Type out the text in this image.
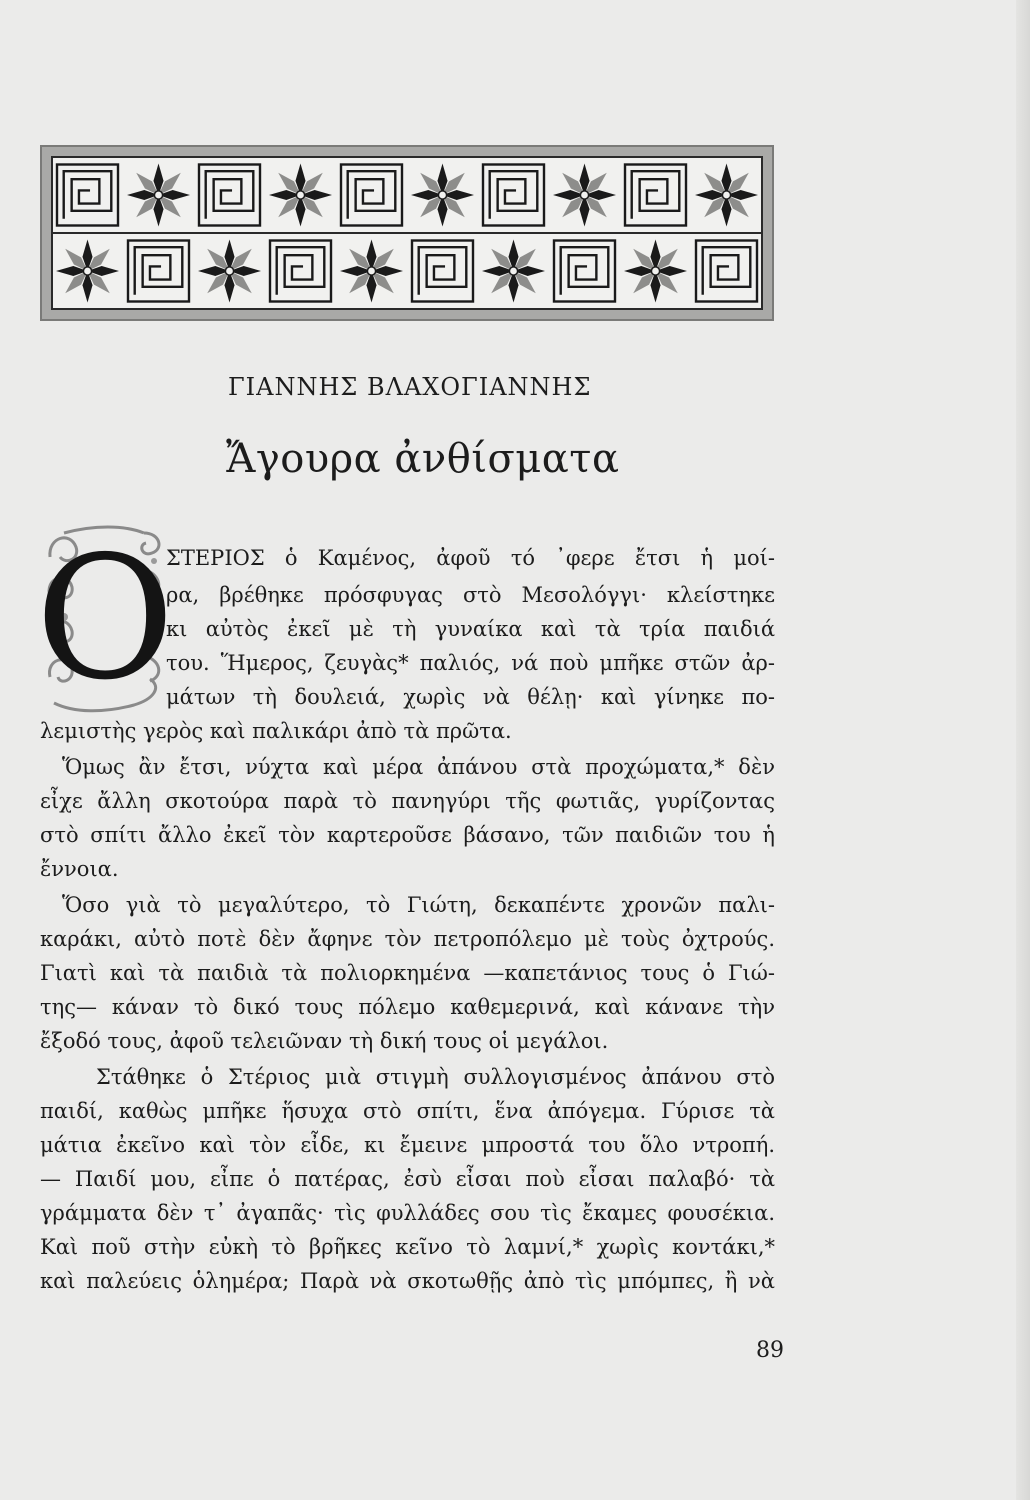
ΓΙΑΝΝΗΣ ΒΛΑΧΟΓΙΑΝΝΗΣ
Ἄγουρα ἀνθίσματα
Ο
ΣΤΕΡΙΟΣ ὁ Καμένος, ἀφοῦ τό ᾽φερε ἔτσι ἡ μοί-
ρα, βρέθηκε πρόσφυγας στὸ Μεσολόγγι· κλείστηκε
κι αὐτὸς ἐκεῖ μὲ τὴ γυναίκα καὶ τὰ τρία παιδιά
του. Ἥμερος, ζευγὰς* παλιός, νά ποὺ μπῆκε στῶν ἀρ-
μάτων τὴ δουλειά, χωρὶς νὰ θέλῃ· καὶ γίνηκε πο-
λεμιστὴς γερὸς καὶ παλικάρι ἀπὸ τὰ πρῶτα.
Ὅμως ἂν ἔτσι, νύχτα καὶ μέρα ἀπάνου στὰ προχώματα,* δὲν
εἶχε ἄλλη σκοτούρα παρὰ τὸ πανηγύρι τῆς φωτιᾶς, γυρίζοντας
στὸ σπίτι ἄλλο ἐκεῖ τὸν καρτεροῦσε βάσανο, τῶν παιδιῶν του ἡ
ἔννοια.
Ὅσο γιὰ τὸ μεγαλύτερο, τὸ Γιώτη, δεκαπέντε χρονῶν παλι-
καράκι, αὐτὸ ποτὲ δὲν ἄφηνε τὸν πετροπόλεμο μὲ τοὺς ὀχτρούς.
Γιατὶ καὶ τὰ παιδιὰ τὰ πολιορκημένα —καπετάνιος τους ὁ Γιώ-
της— κάναν τὸ δικό τους πόλεμο καθεμερινά, καὶ κάνανε τὴν
ἔξοδό τους, ἀφοῦ τελειῶναν τὴ δική τους οἱ μεγάλοι.
Στάθηκε ὁ Στέριος μιὰ στιγμὴ συλλογισμένος ἀπάνου στὸ
παιδί, καθὼς μπῆκε ἥσυχα στὸ σπίτι, ἕνα ἀπόγεμα. Γύρισε τὰ
μάτια ἐκεῖνο καὶ τὸν εἶδε, κι ἔμεινε μπροστά του ὅλο ντροπή.
— Παιδί μου, εἶπε ὁ πατέρας, ἐσὺ εἶσαι ποὺ εἶσαι παλαβό· τὰ
γράμματα δὲν τ᾽ ἀγαπᾶς· τὶς φυλλάδες σου τὶς ἔκαμες φουσέκια.
Καὶ ποῦ στὴν εὐκὴ τὸ βρῆκες κεῖνο τὸ λαμνί,* χωρὶς κοντάκι,*
καὶ παλεύεις ὁλημέρα; Παρὰ νὰ σκοτωθῇς ἀπὸ τὶς μπόμπες, ἢ νὰ
89
